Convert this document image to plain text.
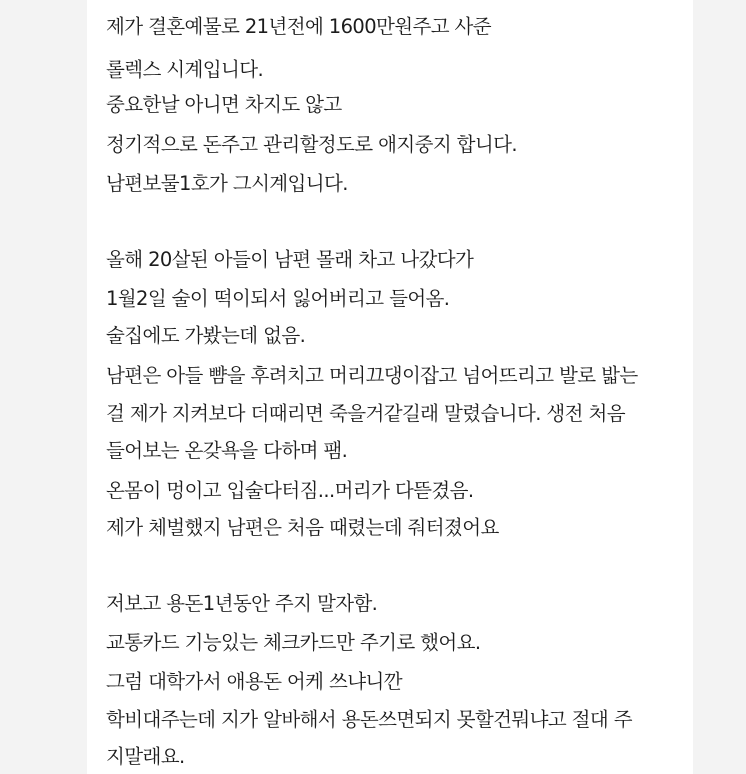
제가 결혼예물로 21년전에 1600만원주고 사준
롤렉스 시계입니다.
중요한날 아니면 차지도 않고
정기적으로 돈주고 관리할정도로 애지중지 합니다.
남편보물1호가 그시계입니다.
올해 20살된 아들이 남편 몰래 차고 나갔다가
1월2일 술이 떡이되서 잃어버리고 들어옴.
술집에도 가봤는데 없음.
남편은 아들 뺨을 후려치고 머리끄댕이잡고 넘어뜨리고 발로 밟는
걸 제가 지켜보다 더때리면 죽을거같길래 말렸습니다. 생전 처음
들어보는 온갖욕을 다하며 팸.
온몸이 멍이고 입술다터짐...머리가 다뜯겼음.
제가 체벌했지 남편은 처음 때렸는데 줘터졌어요
저보고 용돈1년동안 주지 말자함.
교통카드 기능있는 체크카드만 주기로 했어요.
그럼 대학가서 애용돈 어케 쓰냐니깐
학비대주는데 지가 알바해서 용돈쓰면되지 못할건뭐냐고 절대 주
지말래요.
